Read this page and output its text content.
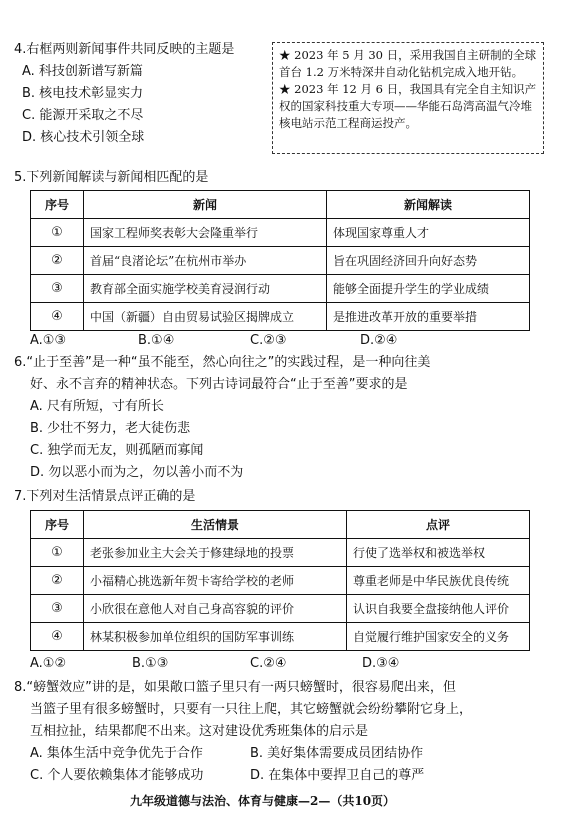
4.右框两则新闻事件共同反映的主题是
A. 科技创新谱写新篇
B. 核电技术彰显实力
C. 能源开采取之不尽
D. 核心技术引领全球

★ 2023 年 5 月 30 日，采用我国自主研制的全球首台 1.2 万米特深井自动化钻机完成入地开钻。

★ 2023 年 12 月 6 日，我国具有完全自主知识产权的国家科技重大专项——华能石岛湾高温气冷堆核电站示范工程商运投产。

5.下列新闻解读与新闻相匹配的是
序号	新闻	新闻解读
①	国家工程师奖表彰大会隆重举行	体现国家尊重人才
②	首届“良渚论坛”在杭州市举办	旨在巩固经济回升向好态势
③	教育部全面实施学校美育浸润行动	能够全面提升学生的学业成绩
④	中国（新疆）自由贸易试验区揭牌成立	是推进改革开放的重要举措
A.①③	B.①④	C.②③	D.②④
6.“止于至善”是一种“虽不能至，然心向往之”的实践过程，是一种向往美
好、永不言弃的精神状态。下列古诗词最符合“止于至善”要求的是
A. 尺有所短，寸有所长
B. 少壮不努力，老大徒伤悲
C. 独学而无友，则孤陋而寡闻
D. 勿以恶小而为之，勿以善小而不为
7.下列对生活情景点评正确的是
序号	生活情景	点评
①	老张参加业主大会关于修建绿地的投票	行使了选举权和被选举权
②	小福精心挑选新年贺卡寄给学校的老师	尊重老师是中华民族优良传统
③	小欣很在意他人对自己身高容貌的评价	认识自我要全盘接纳他人评价
④	林某积极参加单位组织的国防军事训练	自觉履行维护国家安全的义务
A.①②	B.①③	C.②④	D.③④
8.“螃蟹效应”讲的是，如果敞口篮子里只有一两只螃蟹时，很容易爬出来，但
当篮子里有很多螃蟹时，只要有一只往上爬，其它螃蟹就会纷纷攀附它身上，
互相拉扯，结果都爬不出来。这对建设优秀班集体的启示是
A. 集体生活中竞争优先于合作	B. 美好集体需要成员团结协作
C. 个人要依赖集体才能够成功	D. 在集体中要捍卫自己的尊严
九年级道德与法治、体育与健康—2—（共10页）
